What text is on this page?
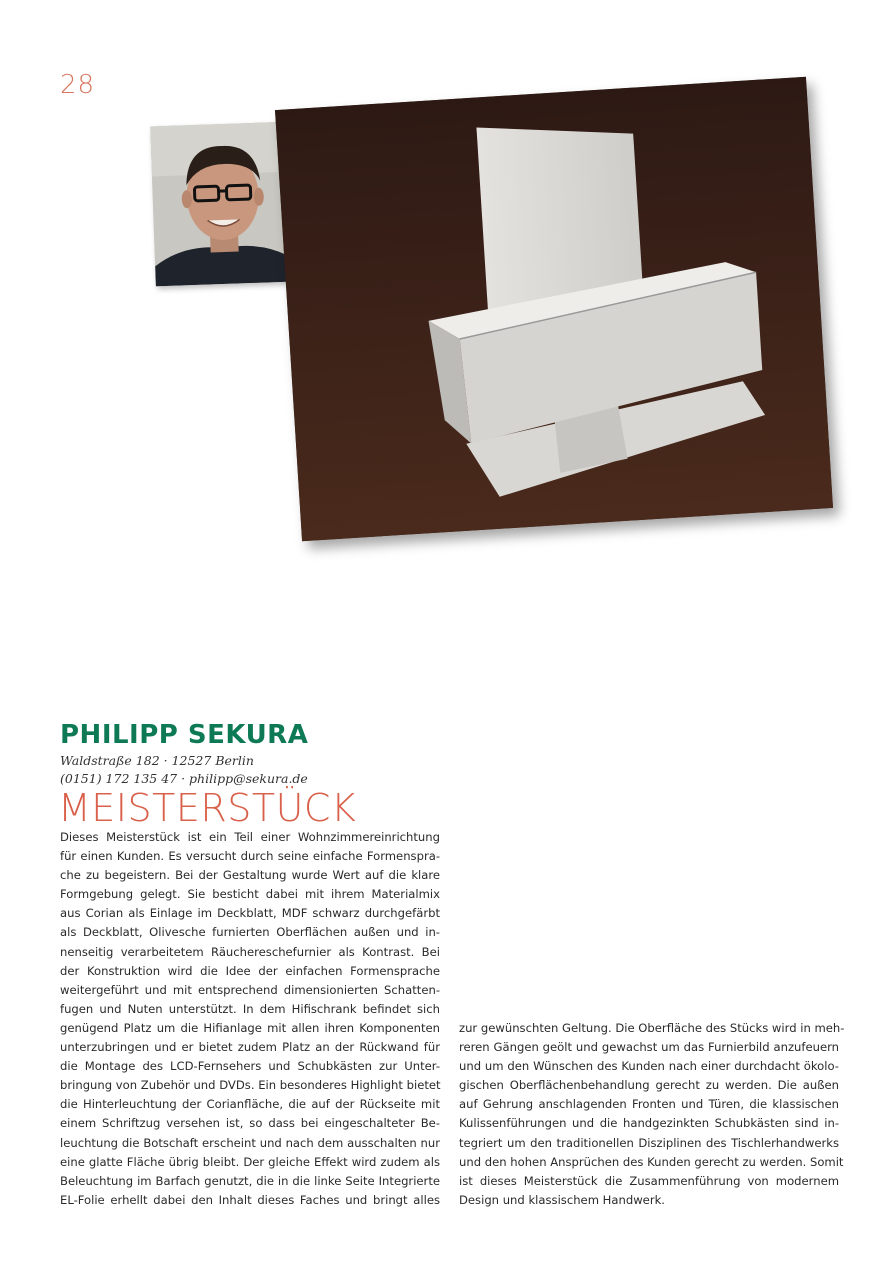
28
PHILIPP SEKURA

Waldstraße 182 · 12527 Berlin

(0151) 172 135 47 · philipp@sekura.de

MEISTERSTÜCK
Dieses Meisterstück ist ein Teil einer Wohnzimmereinrichtung
für einen Kunden. Es versucht durch seine einfache Formenspra-
che zu begeistern. Bei der Gestaltung wurde Wert auf die klare
Formgebung gelegt. Sie besticht dabei mit ihrem Materialmix
aus Corian als Einlage im Deckblatt, MDF schwarz durchgefärbt
als Deckblatt, Olivesche furnierten Oberflächen außen und in-
nenseitig verarbeitetem Räuchereschefurnier als Kontrast. Bei
der Konstruktion wird die Idee der einfachen Formensprache
weitergeführt und mit entsprechend dimensionierten Schatten-
fugen und Nuten unterstützt. In dem Hifischrank befindet sich
genügend Platz um die Hifianlage mit allen ihren Komponenten
unterzubringen und er bietet zudem Platz an der Rückwand für
die Montage des LCD-Fernsehers und Schubkästen zur Unter-
bringung von Zubehör und DVDs. Ein besonderes Highlight bietet
die Hinterleuchtung der Corianfläche, die auf der Rückseite mit
einem Schriftzug versehen ist, so dass bei eingeschalteter Be-
leuchtung die Botschaft erscheint und nach dem ausschalten nur
eine glatte Fläche übrig bleibt. Der gleiche Effekt wird zudem als
Beleuchtung im Barfach genutzt, die in die linke Seite Integrierte
EL-Folie erhellt dabei den Inhalt dieses Faches und bringt alles
zur gewünschten Geltung. Die Oberfläche des Stücks wird in meh-
reren Gängen geölt und gewachst um das Furnierbild anzufeuern
und um den Wünschen des Kunden nach einer durchdacht ökolo-
gischen Oberflächenbehandlung gerecht zu werden. Die außen
auf Gehrung anschlagenden Fronten und Türen, die klassischen
Kulissenführungen und die handgezinkten Schubkästen sind in-
tegriert um den traditionellen Disziplinen des Tischlerhandwerks
und den hohen Ansprüchen des Kunden gerecht zu werden. Somit
ist dieses Meisterstück die Zusammenführung von modernem
Design und klassischem Handwerk.
